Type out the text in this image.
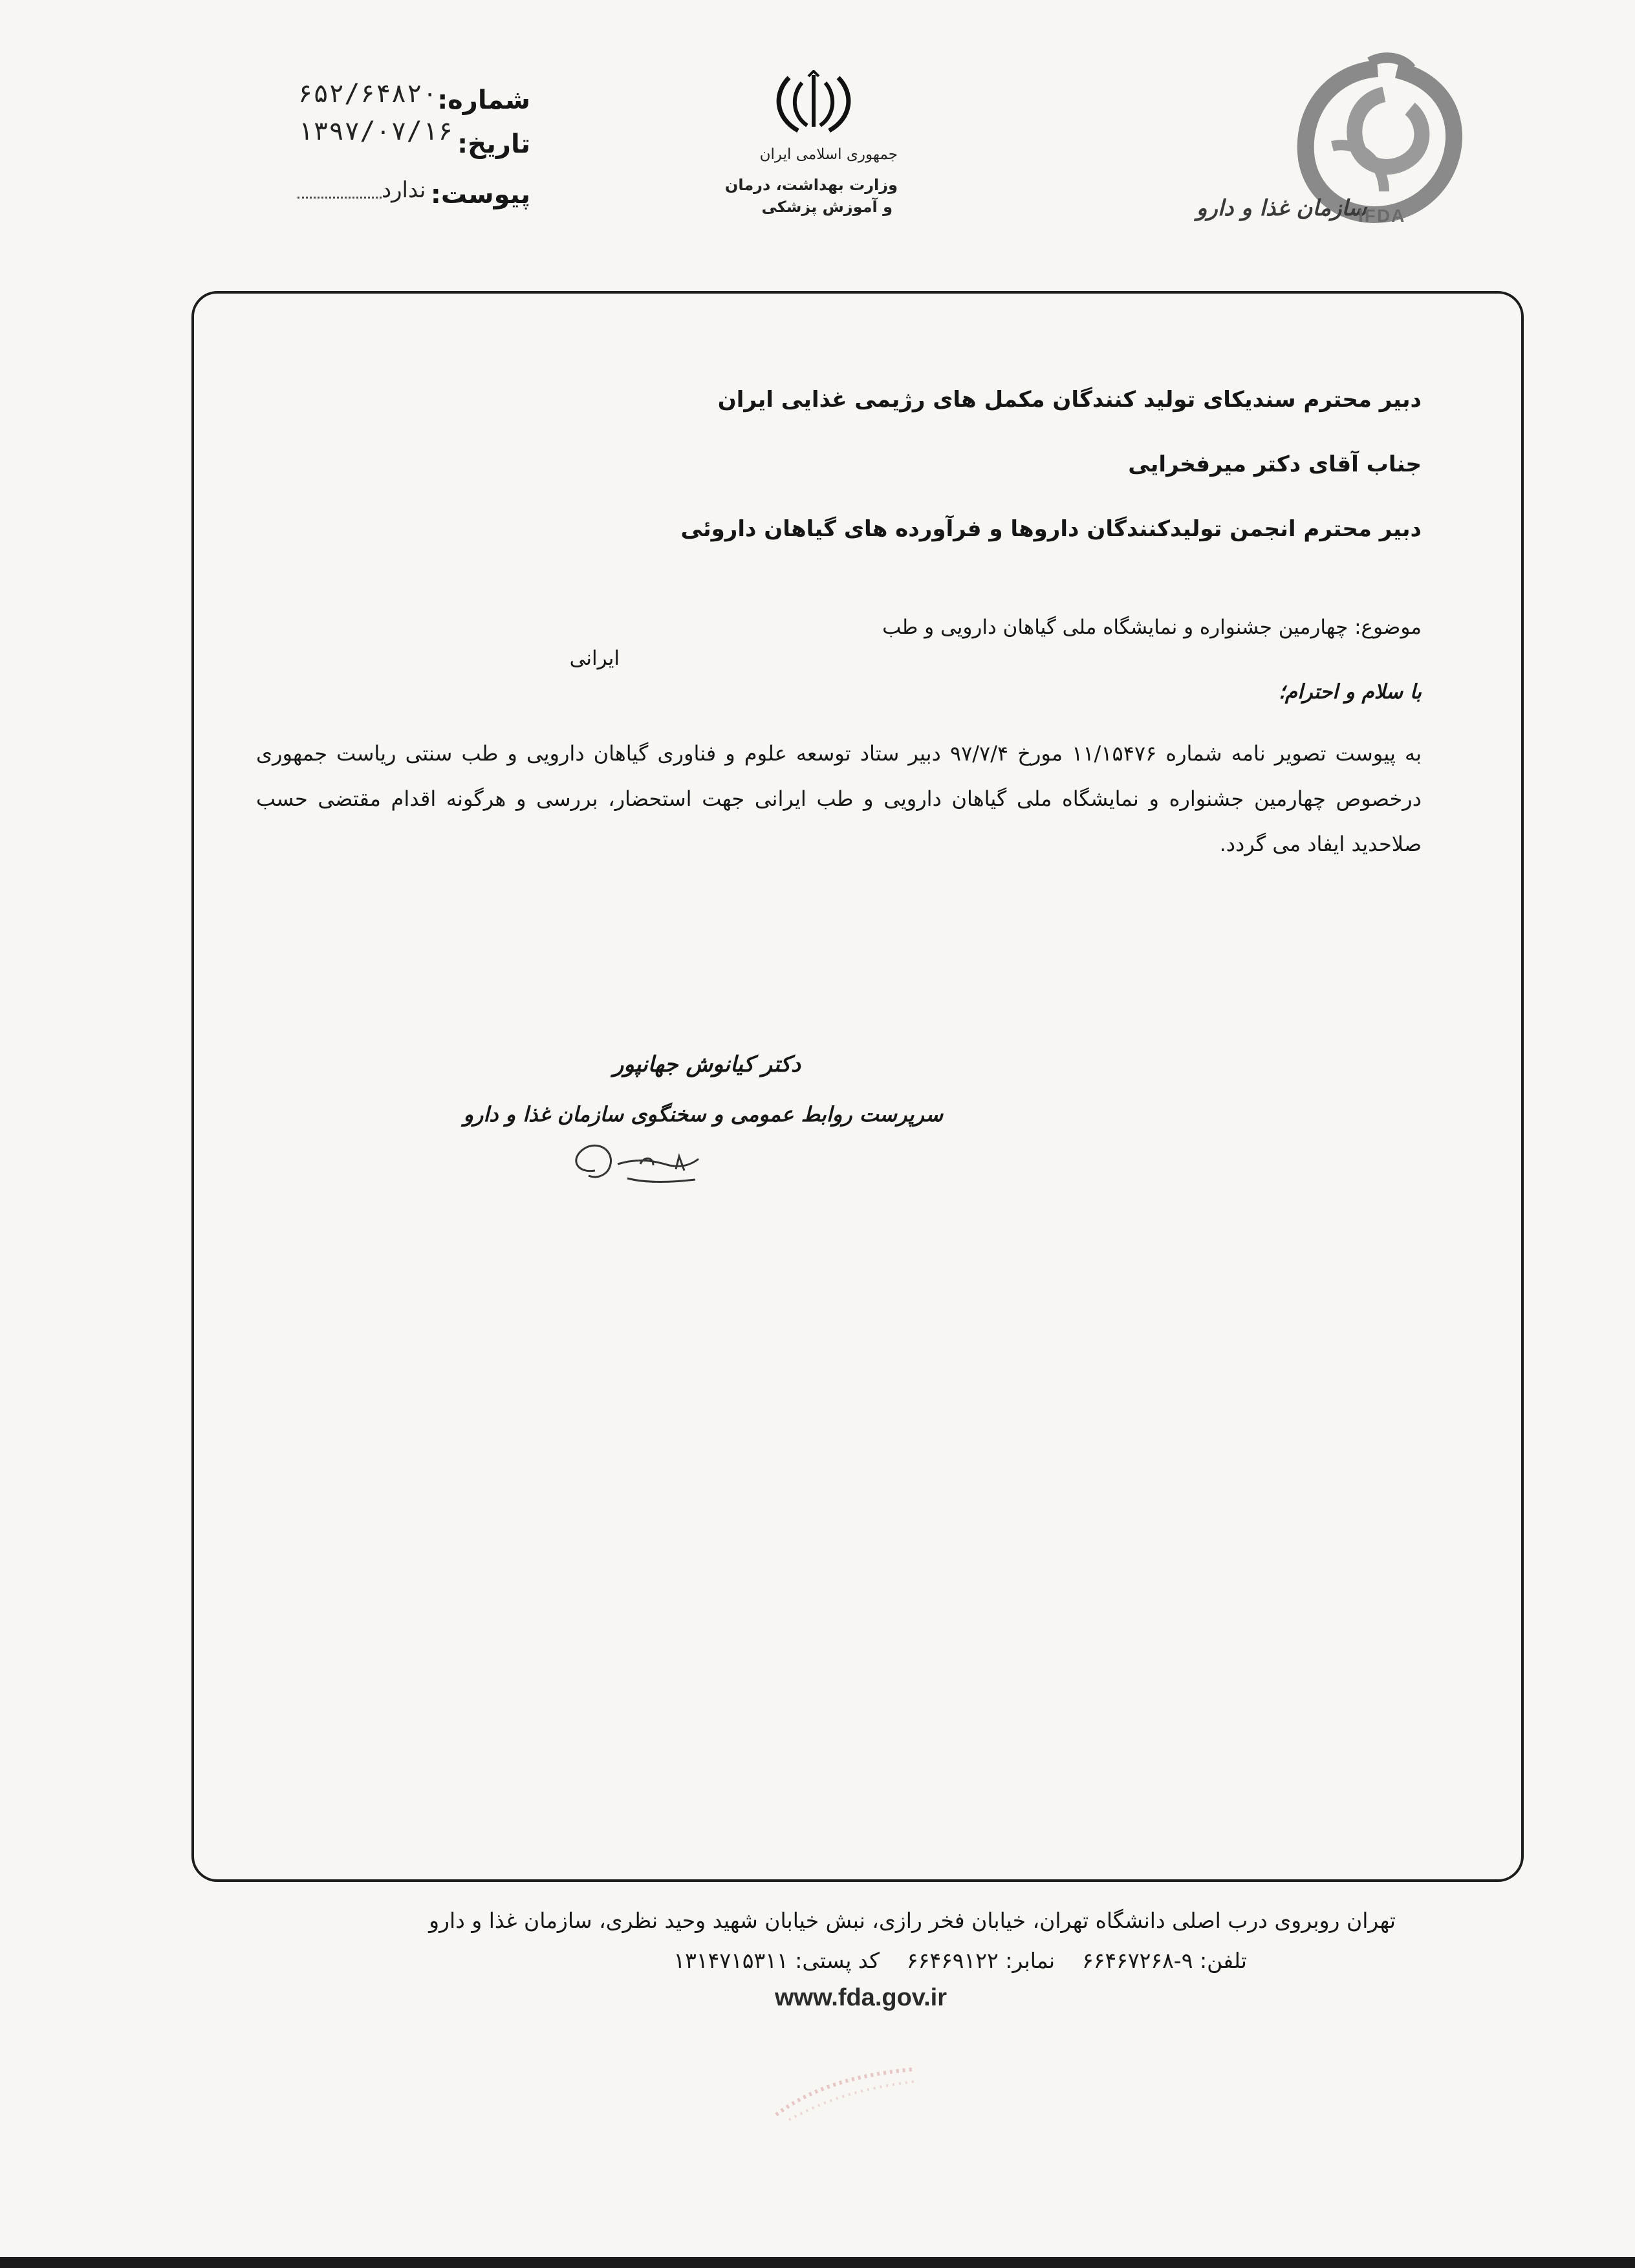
شماره:
۶۵۲/۶۴۸۲۰
تاریخ:
۱۳۹۷/۰۷/۱۶
پیوست:
ندارد
جمهوری اسلامی ایران
وزارت بهداشت، درمان
و آموزش پزشکی	سازمان غذا و دارو
IFDA
دبیر محترم سندیکای تولید کنندگان مکمل های رژیمی غذایی ایران
جناب آقای دکتر میرفخرایی
دبیر محترم انجمن تولیدکنندگان داروها و فرآورده های گیاهان داروئی
موضوع: چهارمین جشنواره و نمایشگاه ملی گیاهان دارویی و طب
ایرانی
با سلام و احترام؛
به پیوست تصویر نامه شماره ۱۱/۱۵۴۷۶ مورخ ۹۷/۷/۴ دبیر ستاد توسعه علوم و فناوری گیاهان دارویی و طب سنتی ریاست جمهوری درخصوص چهارمین جشنواره و نمایشگاه ملی گیاهان دارویی و طب ایرانی جهت استحضار، بررسی و هرگونه اقدام مقتضی حسب صلاحدید ایفاد می گردد.
دکتر کیانوش جهانپور
سرپرست روابط عمومی و سخنگوی سازمان غذا و دارو
تهران روبروی درب اصلی دانشگاه تهران، خیابان فخر رازی، نبش خیابان شهید وحید نظری، سازمان غذا و دارو
تلفن: ۹-۶۶۴۶۷۲۶۸    نمابر: ۶۶۴۶۹۱۲۲    کد پستی: ۱۳۱۴۷۱۵۳۱۱
www.fda.gov.ir
